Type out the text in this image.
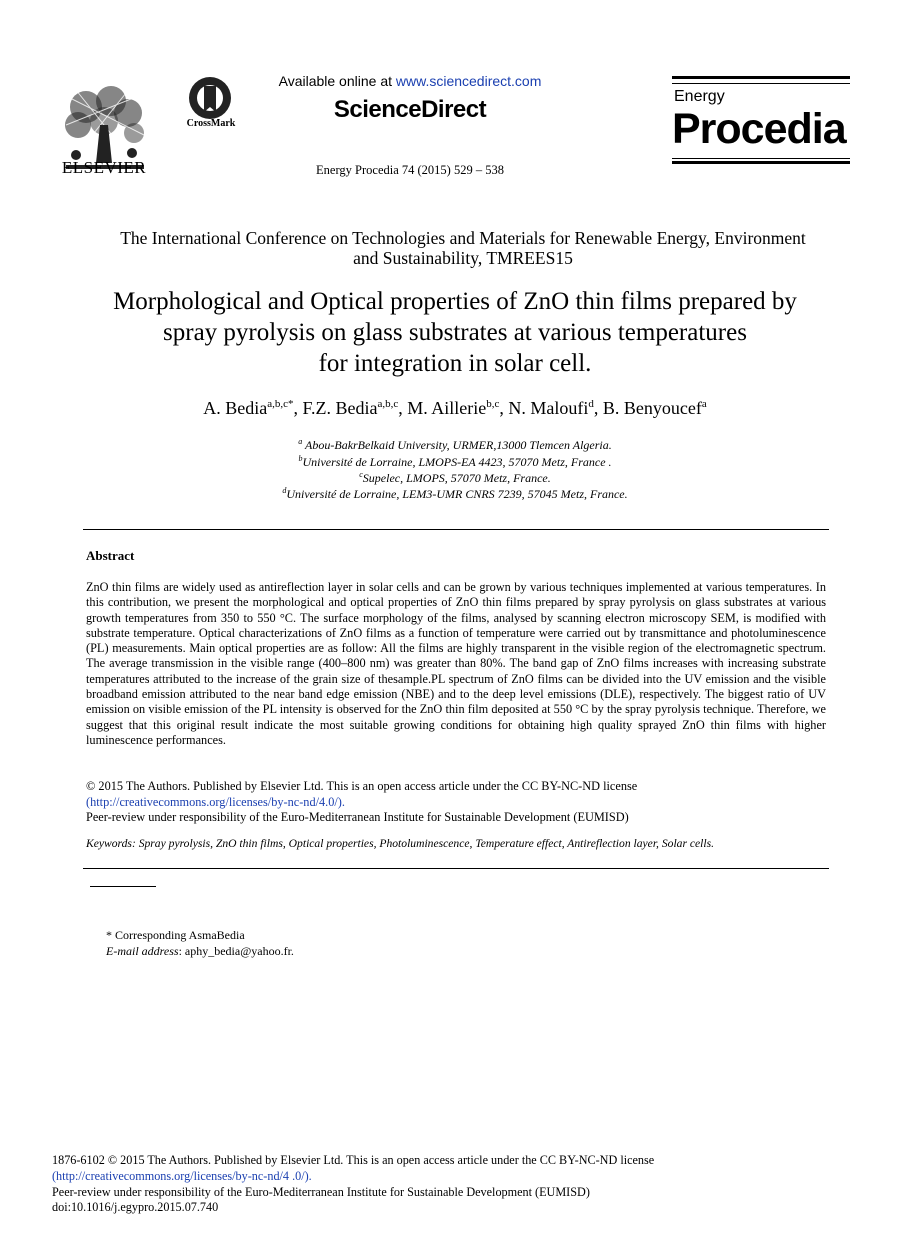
ELSEVIER
CrossMark
Available online at www.sciencedirect.com
ScienceDirect
Energy Procedia 74 (2015) 529 – 538
Energy
Procedia
The International Conference on Technologies and Materials for Renewable Energy, Environment
and Sustainability, TMREES15
Morphological and Optical properties of ZnO thin films prepared by
spray pyrolysis on glass substrates at various temperatures
for integration in solar cell.
A. Bedia$^{a,b,c*}$, F.Z. Bedia$^{a,b,c}$, M. Aillerie$^{b,c}$, N. Maloufi$^d$, B. Benyoucef$^a$
$^a$ Abou-BakrBelkaid University, URMER,13000 Tlemcen Algeria.
$^b$Université de Lorraine, LMOPS-EA 4423, 57070 Metz, France .
$^c$Supelec, LMOPS, 57070 Metz, France.
$^d$Université de Lorraine, LEM3-UMR CNRS 7239, 57045 Metz, France.
Abstract
ZnO thin films are widely used as antireflection layer in solar cells and can be grown by various techniques implemented at various temperatures. In this contribution, we present the morphological and optical properties of ZnO thin films prepared by spray pyrolysis on glass substrates at various growth temperatures from 350 to 550 °C. The surface morphology of the films, analysed by scanning electron microscopy SEM, is modified with substrate temperature. Optical characterizations of ZnO films as a function of temperature were carried out by transmittance and photoluminescence (PL) measurements. Main optical properties are as follow: All the films are highly transparent in the visible region of the electromagnetic spectrum. The average transmission in the visible range (400–800 nm) was greater than 80%. The band gap of ZnO films increases with increasing substrate temperatures attributed to the increase of the grain size of thesample.PL spectrum of ZnO films can be divided into the UV emission and the visible broadband emission attributed to the near band edge emission (NBE) and to the deep level emissions (DLE), respectively. The biggest ratio of UV emission on visible emission of the PL intensity is observed for the ZnO thin film deposited at 550 °C by the spray pyrolysis technique. Therefore, we suggest that this original result indicate the most suitable growing conditions for obtaining high quality sprayed ZnO thin films with higher luminescence performances.
© 2015 The Authors. Published by Elsevier Ltd. This is an open access article under the CC BY-NC-ND license
(http://creativecommons.org/licenses/by-nc-nd/4.0/).
Peer-review under responsibility of the Euro-Mediterranean Institute for Sustainable Development (EUMISD)
Keywords: Spray pyrolysis, ZnO thin films, Optical properties, Photoluminescence, Temperature effect, Antireflection layer, Solar cells.
* Corresponding AsmaBedia
E-mail address: aphy_bedia@yahoo.fr.
1876-6102 © 2015 The Authors. Published by Elsevier Ltd. This is an open access article under the CC BY-NC-ND license
(http://creativecommons.org/licenses/by-nc-nd/4 .0/).
Peer-review under responsibility of the Euro-Mediterranean Institute for Sustainable Development (EUMISD)
doi:10.1016/j.egypro.2015.07.740
